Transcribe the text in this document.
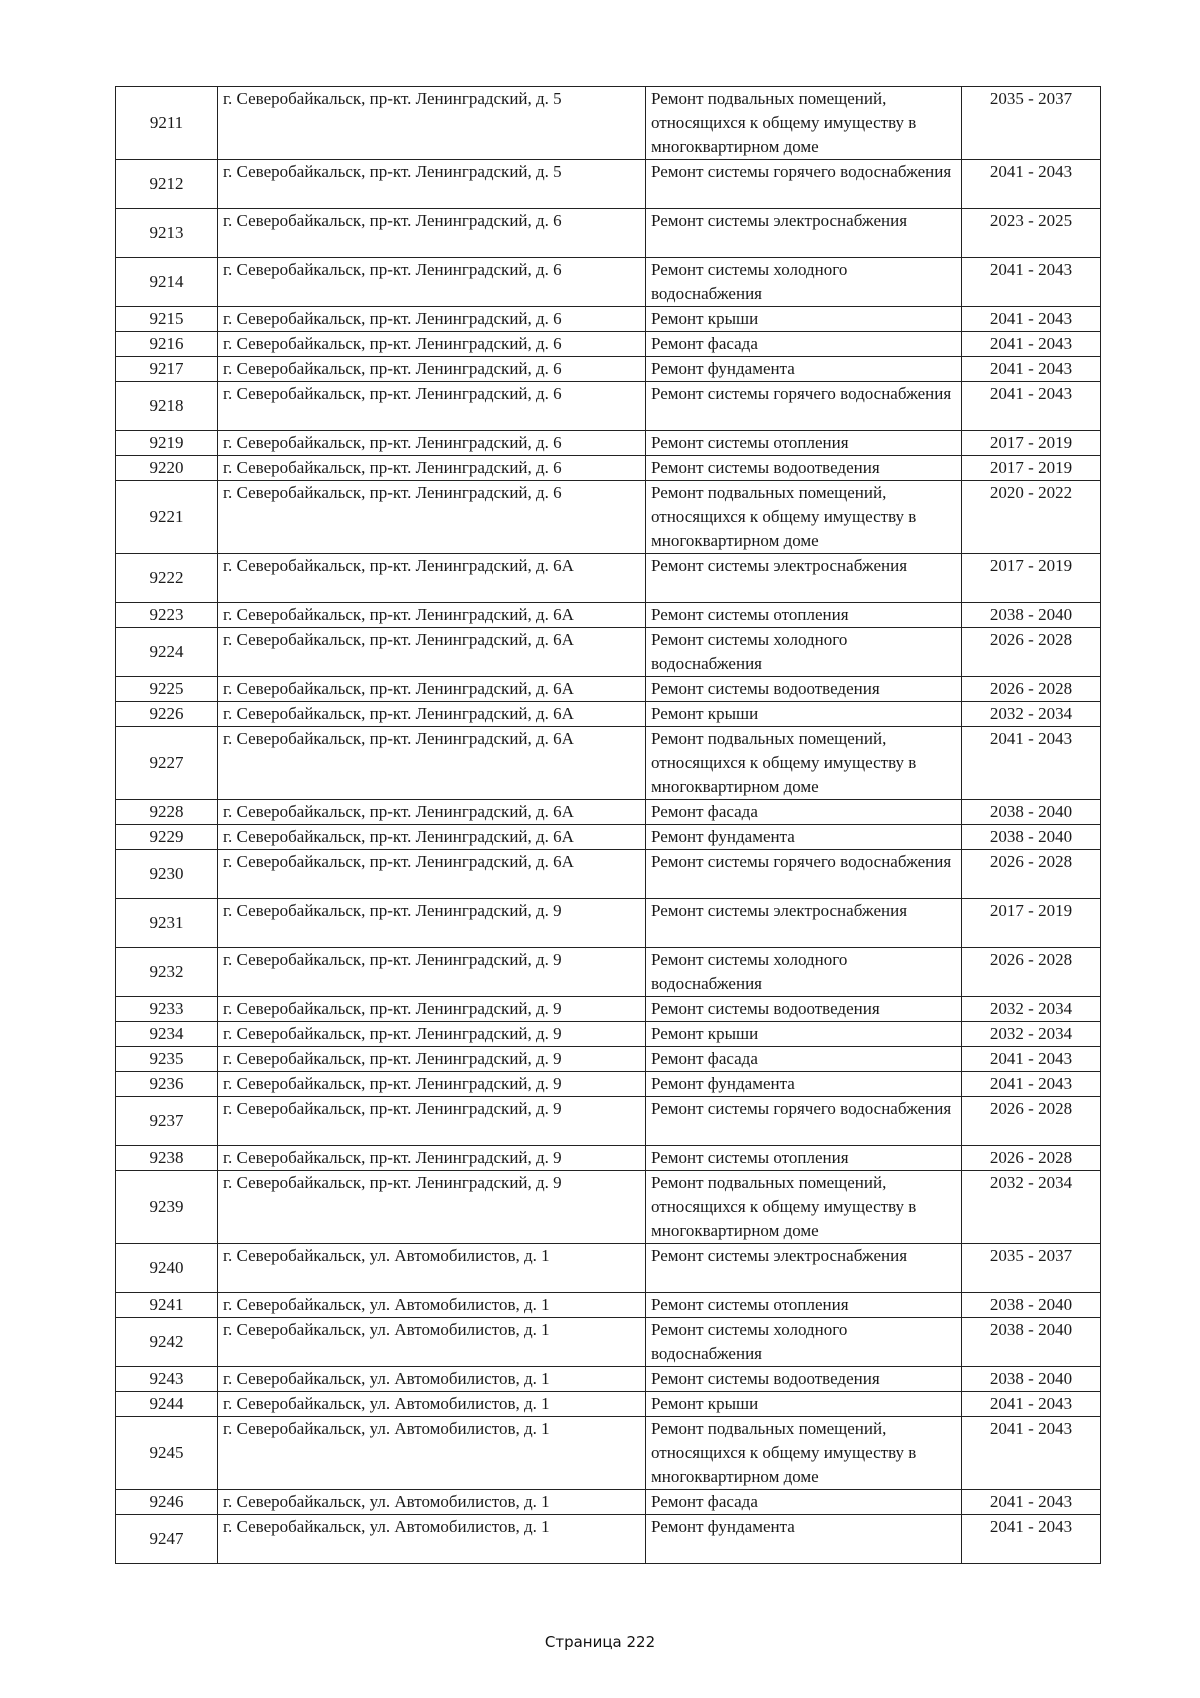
9211	г. Северобайкальск, пр-кт. Ленинградский, д. 5	Ремонт подвальных помещений, относящихся к общему имуществу в многоквартирном доме	2035 - 2037
9212	г. Северобайкальск, пр-кт. Ленинградский, д. 5	Ремонт системы горячего водоснабжения	2041 - 2043
9213	г. Северобайкальск, пр-кт. Ленинградский, д. 6	Ремонт системы электроснабжения	2023 - 2025
9214	г. Северобайкальск, пр-кт. Ленинградский, д. 6	Ремонт системы холодного водоснабжения	2041 - 2043
9215	г. Северобайкальск, пр-кт. Ленинградский, д. 6	Ремонт крыши	2041 - 2043
9216	г. Северобайкальск, пр-кт. Ленинградский, д. 6	Ремонт фасада	2041 - 2043
9217	г. Северобайкальск, пр-кт. Ленинградский, д. 6	Ремонт фундамента	2041 - 2043
9218	г. Северобайкальск, пр-кт. Ленинградский, д. 6	Ремонт системы горячего водоснабжения	2041 - 2043
9219	г. Северобайкальск, пр-кт. Ленинградский, д. 6	Ремонт системы отопления	2017 - 2019
9220	г. Северобайкальск, пр-кт. Ленинградский, д. 6	Ремонт системы водоотведения	2017 - 2019
9221	г. Северобайкальск, пр-кт. Ленинградский, д. 6	Ремонт подвальных помещений, относящихся к общему имуществу в многоквартирном доме	2020 - 2022
9222	г. Северобайкальск, пр-кт. Ленинградский, д. 6А	Ремонт системы электроснабжения	2017 - 2019
9223	г. Северобайкальск, пр-кт. Ленинградский, д. 6А	Ремонт системы отопления	2038 - 2040
9224	г. Северобайкальск, пр-кт. Ленинградский, д. 6А	Ремонт системы холодного водоснабжения	2026 - 2028
9225	г. Северобайкальск, пр-кт. Ленинградский, д. 6А	Ремонт системы водоотведения	2026 - 2028
9226	г. Северобайкальск, пр-кт. Ленинградский, д. 6А	Ремонт крыши	2032 - 2034
9227	г. Северобайкальск, пр-кт. Ленинградский, д. 6А	Ремонт подвальных помещений, относящихся к общему имуществу в многоквартирном доме	2041 - 2043
9228	г. Северобайкальск, пр-кт. Ленинградский, д. 6А	Ремонт фасада	2038 - 2040
9229	г. Северобайкальск, пр-кт. Ленинградский, д. 6А	Ремонт фундамента	2038 - 2040
9230	г. Северобайкальск, пр-кт. Ленинградский, д. 6А	Ремонт системы горячего водоснабжения	2026 - 2028
9231	г. Северобайкальск, пр-кт. Ленинградский, д. 9	Ремонт системы электроснабжения	2017 - 2019
9232	г. Северобайкальск, пр-кт. Ленинградский, д. 9	Ремонт системы холодного водоснабжения	2026 - 2028
9233	г. Северобайкальск, пр-кт. Ленинградский, д. 9	Ремонт системы водоотведения	2032 - 2034
9234	г. Северобайкальск, пр-кт. Ленинградский, д. 9	Ремонт крыши	2032 - 2034
9235	г. Северобайкальск, пр-кт. Ленинградский, д. 9	Ремонт фасада	2041 - 2043
9236	г. Северобайкальск, пр-кт. Ленинградский, д. 9	Ремонт фундамента	2041 - 2043
9237	г. Северобайкальск, пр-кт. Ленинградский, д. 9	Ремонт системы горячего водоснабжения	2026 - 2028
9238	г. Северобайкальск, пр-кт. Ленинградский, д. 9	Ремонт системы отопления	2026 - 2028
9239	г. Северобайкальск, пр-кт. Ленинградский, д. 9	Ремонт подвальных помещений, относящихся к общему имуществу в многоквартирном доме	2032 - 2034
9240	г. Северобайкальск, ул. Автомобилистов, д. 1	Ремонт системы электроснабжения	2035 - 2037
9241	г. Северобайкальск, ул. Автомобилистов, д. 1	Ремонт системы отопления	2038 - 2040
9242	г. Северобайкальск, ул. Автомобилистов, д. 1	Ремонт системы холодного водоснабжения	2038 - 2040
9243	г. Северобайкальск, ул. Автомобилистов, д. 1	Ремонт системы водоотведения	2038 - 2040
9244	г. Северобайкальск, ул. Автомобилистов, д. 1	Ремонт крыши	2041 - 2043
9245	г. Северобайкальск, ул. Автомобилистов, д. 1	Ремонт подвальных помещений, относящихся к общему имуществу в многоквартирном доме	2041 - 2043
9246	г. Северобайкальск, ул. Автомобилистов, д. 1	Ремонт фасада	2041 - 2043
9247	г. Северобайкальск, ул. Автомобилистов, д. 1	Ремонт фундамента	2041 - 2043
Страница 222
